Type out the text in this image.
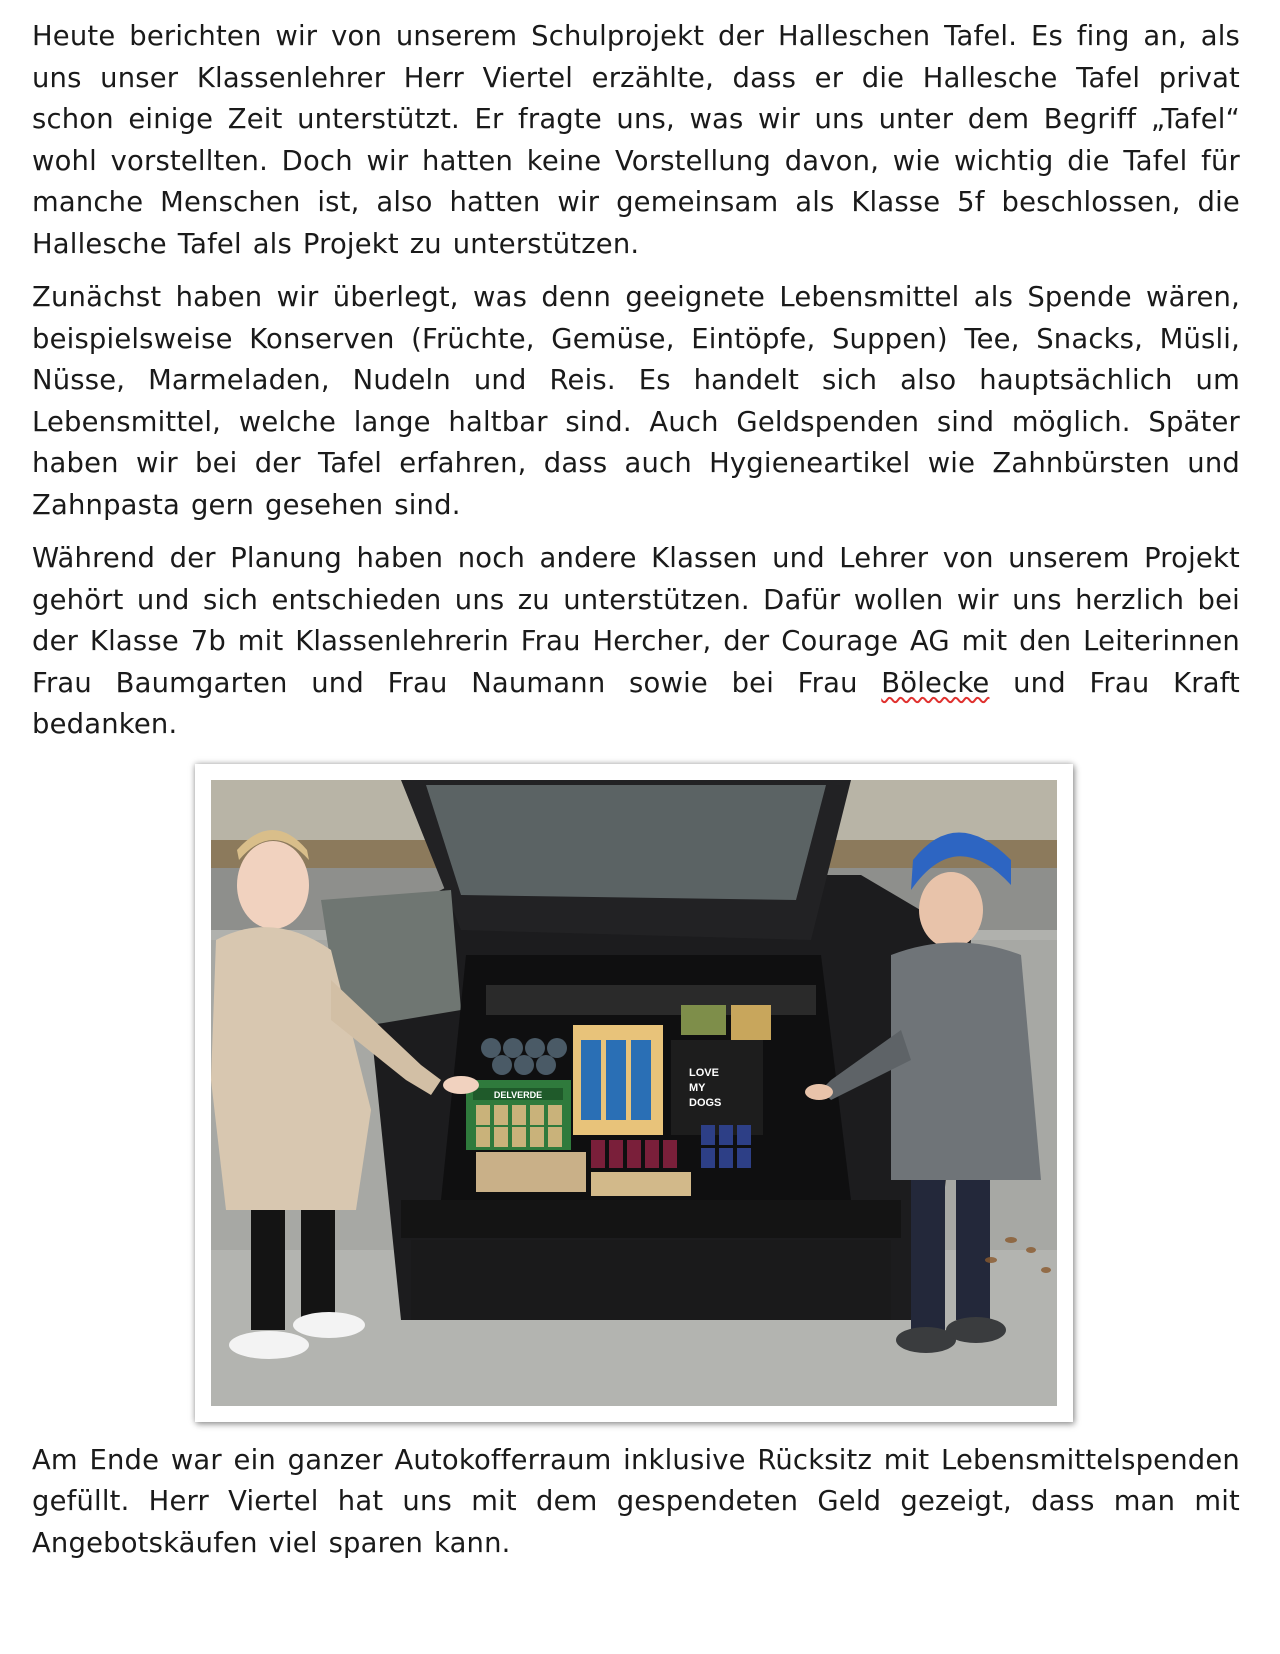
Heute berichten wir von unserem Schulprojekt der Halleschen Tafel. Es fing an, als uns unser Klassenlehrer Herr Viertel erzählte, dass er die Hallesche Tafel privat schon einige Zeit unterstützt. Er fragte uns, was wir uns unter dem Begriff „Tafel“ wohl vorstellten. Doch wir hatten keine Vorstellung davon, wie wichtig die Tafel für manche Menschen ist, also hatten wir gemeinsam als Klasse 5f beschlossen, die Hallesche Tafel als Projekt zu unterstützen.

Zunächst haben wir überlegt, was denn geeignete Lebensmittel als Spende wären, beispielsweise Konserven (Früchte, Gemüse, Eintöpfe, Suppen) Tee, Snacks, Müsli, Nüsse, Marmeladen, Nudeln und Reis. Es handelt sich also hauptsächlich um Lebensmittel, welche lange haltbar sind. Auch Geldspenden sind möglich. Später haben wir bei der Tafel erfahren, dass auch Hygieneartikel wie Zahnbürsten und Zahnpasta gern gesehen sind.

Während der Planung haben noch andere Klassen und Lehrer von unserem Projekt gehört und sich entschieden uns zu unterstützen. Dafür wollen wir uns herzlich bei der Klasse 7b mit Klassenlehrerin Frau Hercher, der Courage AG mit den Leiterinnen Frau Baumgarten und Frau Naumann sowie bei Frau Bölecke und Frau Kraft bedanken.

DELVERDE
LOVE
MY
DOGS

Am Ende war ein ganzer Autokofferraum inklusive Rücksitz mit Lebensmittelspenden gefüllt. Herr Viertel hat uns mit dem gespendeten Geld gezeigt, dass man mit Angebotskäufen viel sparen kann.
